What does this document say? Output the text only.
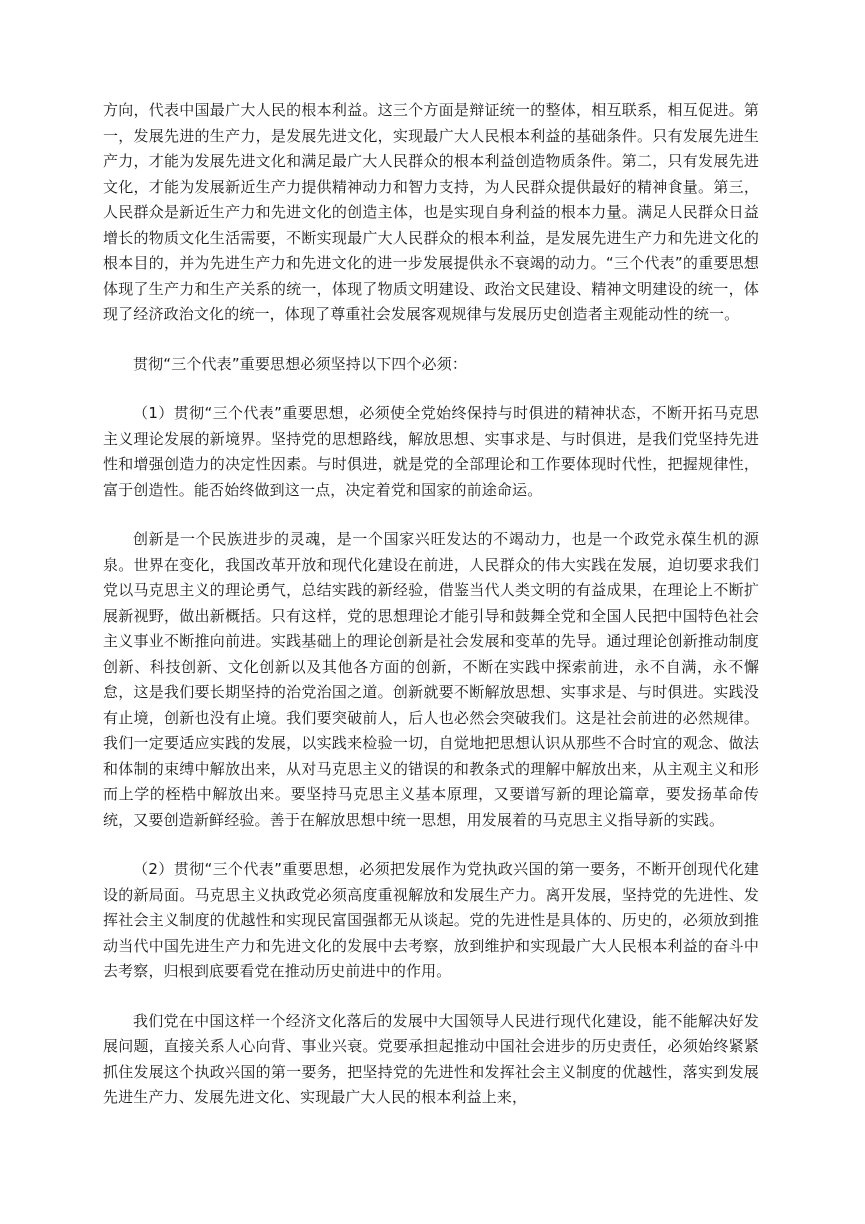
方向，代表中国最广大人民的根本利益。这三个方面是辩证统一的整体，相互联系，相互促进。第一，发展先进的生产力，是发展先进文化，实现最广大人民根本利益的基础条件。只有发展先进生产力，才能为发展先进文化和满足最广大人民群众的根本利益创造物质条件。第二，只有发展先进文化，才能为发展新近生产力提供精神动力和智力支持，为人民群众提供最好的精神食量。第三，人民群众是新近生产力和先进文化的创造主体，也是实现自身利益的根本力量。满足人民群众日益增长的物质文化生活需要，不断实现最广大人民群众的根本利益，是发展先进生产力和先进文化的根本目的，并为先进生产力和先进文化的进一步发展提供永不衰竭的动力。“三个代表”的重要思想体现了生产力和生产关系的统一，体现了物质文明建设、政治文民建设、精神文明建设的统一，体现了经济政治文化的统一，体现了尊重社会发展客观规律与发展历史创造者主观能动性的统一。

贯彻“三个代表”重要思想必须坚持以下四个必须：

（1）贯彻“三个代表”重要思想，必须使全党始终保持与时俱进的精神状态，不断开拓马克思主义理论发展的新境界。坚持党的思想路线，解放思想、实事求是、与时俱进，是我们党坚持先进性和增强创造力的决定性因素。与时俱进，就是党的全部理论和工作要体现时代性，把握规律性，富于创造性。能否始终做到这一点，决定着党和国家的前途命运。

创新是一个民族进步的灵魂，是一个国家兴旺发达的不竭动力，也是一个政党永葆生机的源泉。世界在变化，我国改革开放和现代化建设在前进，人民群众的伟大实践在发展，迫切要求我们党以马克思主义的理论勇气，总结实践的新经验，借鉴当代人类文明的有益成果，在理论上不断扩展新视野，做出新概括。只有这样，党的思想理论才能引导和鼓舞全党和全国人民把中国特色社会主义事业不断推向前进。实践基础上的理论创新是社会发展和变革的先导。通过理论创新推动制度创新、科技创新、文化创新以及其他各方面的创新，不断在实践中探索前进，永不自满，永不懈怠，这是我们要长期坚持的治党治国之道。创新就要不断解放思想、实事求是、与时俱进。实践没有止境，创新也没有止境。我们要突破前人，后人也必然会突破我们。这是社会前进的必然规律。我们一定要适应实践的发展，以实践来检验一切，自觉地把思想认识从那些不合时宜的观念、做法和体制的束缚中解放出来，从对马克思主义的错误的和教条式的理解中解放出来，从主观主义和形而上学的桎梏中解放出来。要坚持马克思主义基本原理，又要谱写新的理论篇章，要发扬革命传统，又要创造新鲜经验。善于在解放思想中统一思想，用发展着的马克思主义指导新的实践。

（2）贯彻“三个代表”重要思想，必须把发展作为党执政兴国的第一要务，不断开创现代化建设的新局面。马克思主义执政党必须高度重视解放和发展生产力。离开发展，坚持党的先进性、发挥社会主义制度的优越性和实现民富国强都无从谈起。党的先进性是具体的、历史的，必须放到推动当代中国先进生产力和先进文化的发展中去考察，放到维护和实现最广大人民根本利益的奋斗中去考察，归根到底要看党在推动历史前进中的作用。

我们党在中国这样一个经济文化落后的发展中大国领导人民进行现代化建设，能不能解决好发展问题，直接关系人心向背、事业兴衰。党要承担起推动中国社会进步的历史责任，必须始终紧紧抓住发展这个执政兴国的第一要务，把坚持党的先进性和发挥社会主义制度的优越性，落实到发展先进生产力、发展先进文化、实现最广大人民的根本利益上来，
